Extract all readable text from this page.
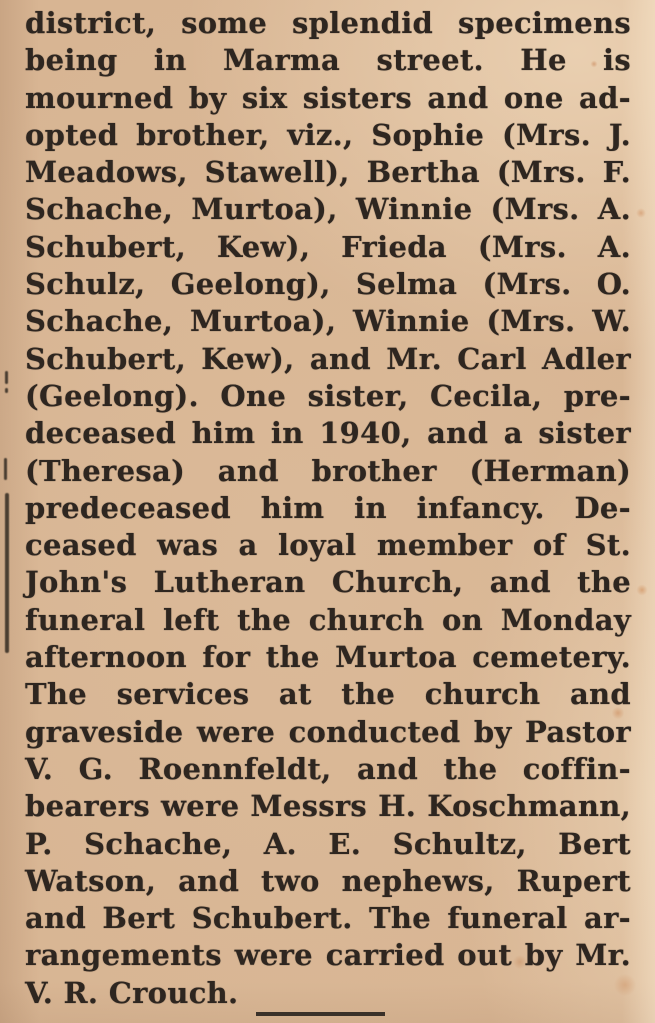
district, some splendid specimens
being in Marma street. He is
mourned by six sisters and one ad-
opted brother, viz., Sophie (Mrs. J.
Meadows, Stawell), Bertha (Mrs. F.
Schache, Murtoa), Winnie (Mrs. A.
Schubert, Kew), Frieda (Mrs. A.
Schulz, Geelong), Selma (Mrs. O.
Schache, Murtoa), Winnie (Mrs. W.
Schubert, Kew), and Mr. Carl Adler
(Geelong). One sister, Cecila, pre-
deceased him in 1940, and a sister
(Theresa) and brother (Herman)
predeceased him in infancy. De-
ceased was a loyal member of St.
John's Lutheran Church, and the
funeral left the church on Monday
afternoon for the Murtoa cemetery.
The services at the church and
graveside were conducted by Pastor
V. G. Roennfeldt, and the coffin-
bearers were Messrs H. Koschmann,
P. Schache, A. E. Schultz, Bert
Watson, and two nephews, Rupert
and Bert Schubert. The funeral ar-
rangements were carried out by Mr.
V. R. Crouch.
